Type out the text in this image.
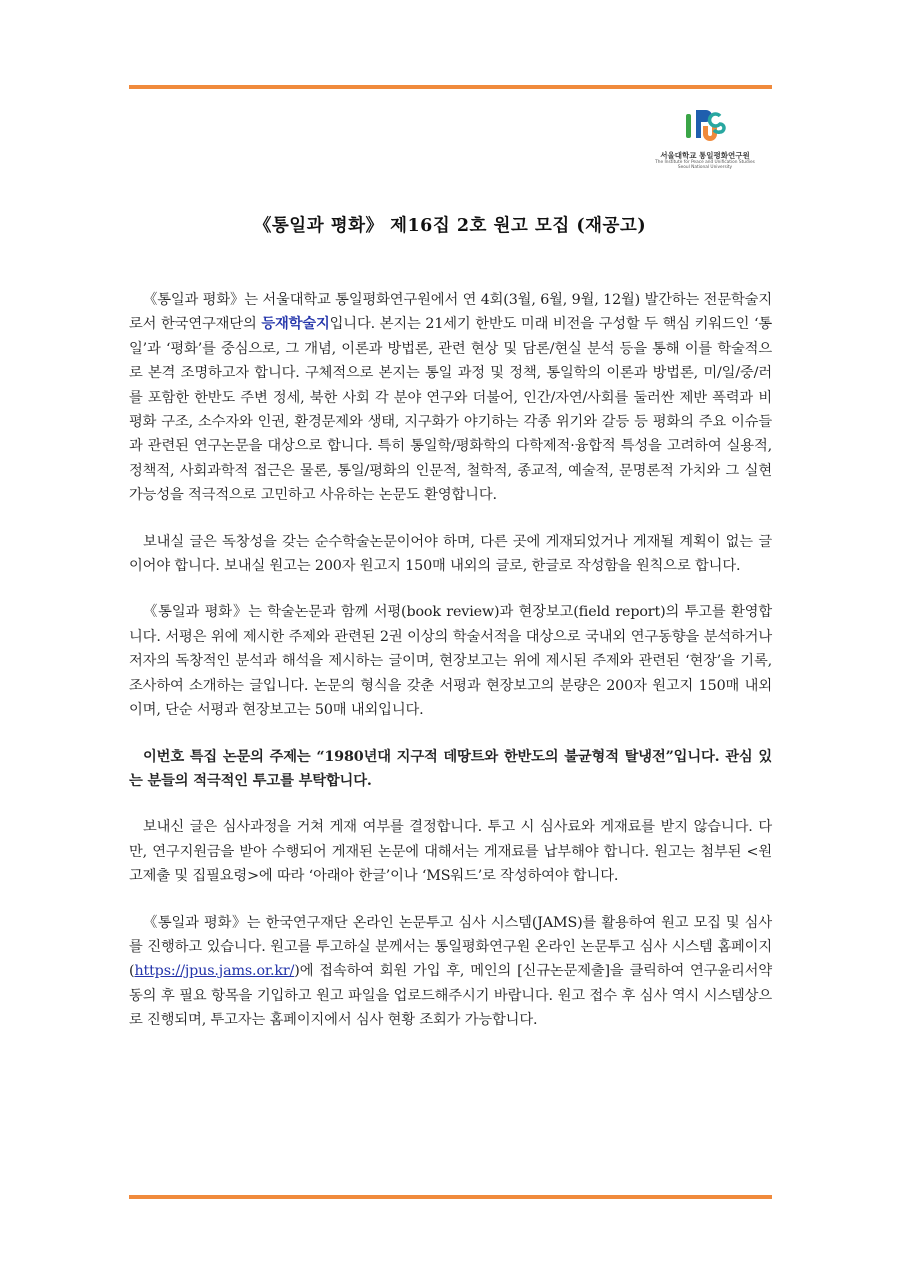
서울대학교 통일평화연구원
The Institute for Peace and Unification Studies
Seoul National University
《통일과 평화》 제16집 2호 원고 모집 (재공고)

《통일과 평화》는 서울대학교 통일평화연구원에서 연 4회(3월, 6월, 9월, 12월) 발간하는 전문학술지로서 한국연구재단의 등재학술지입니다. 본지는 21세기 한반도 미래 비전을 구성할 두 핵심 키워드인 ‘통일’과 ‘평화’를 중심으로, 그 개념, 이론과 방법론, 관련 현상 및 담론/현실 분석 등을 통해 이를 학술적으로 본격 조명하고자 합니다. 구체적으로 본지는 통일 과정 및 정책, 통일학의 이론과 방법론, 미/일/중/러를 포함한 한반도 주변 정세, 북한 사회 각 분야 연구와 더불어, 인간/자연/사회를 둘러싼 제반 폭력과 비평화 구조, 소수자와 인권, 환경문제와 생태, 지구화가 야기하는 각종 위기와 갈등 등 평화의 주요 이슈들과 관련된 연구논문을 대상으로 합니다. 특히 통일학/평화학의 다학제적·융합적 특성을 고려하여 실용적, 정책적, 사회과학적 접근은 물론, 통일/평화의 인문적, 철학적, 종교적, 예술적, 문명론적 가치와 그 실현 가능성을 적극적으로 고민하고 사유하는 논문도 환영합니다.

보내실 글은 독창성을 갖는 순수학술논문이어야 하며, 다른 곳에 게재되었거나 게재될 계획이 없는 글이어야 합니다. 보내실 원고는 200자 원고지 150매 내외의 글로, 한글로 작성함을 원칙으로 합니다.

《통일과 평화》는 학술논문과 함께 서평(book review)과 현장보고(field report)의 투고를 환영합니다. 서평은 위에 제시한 주제와 관련된 2권 이상의 학술서적을 대상으로 국내외 연구동향을 분석하거나 저자의 독창적인 분석과 해석을 제시하는 글이며, 현장보고는 위에 제시된 주제와 관련된 ‘현장’을 기록, 조사하여 소개하는 글입니다. 논문의 형식을 갖춘 서평과 현장보고의 분량은 200자 원고지 150매 내외이며, 단순 서평과 현장보고는 50매 내외입니다.

이번호 특집 논문의 주제는 “1980년대 지구적 데땅트와 한반도의 불균형적 탈냉전”입니다. 관심 있는 분들의 적극적인 투고를 부탁합니다.

보내신 글은 심사과정을 거쳐 게재 여부를 결정합니다. 투고 시 심사료와 게재료를 받지 않습니다. 다만, 연구지원금을 받아 수행되어 게재된 논문에 대해서는 게재료를 납부해야 합니다. 원고는 첨부된 <원고제출 및 집필요령>에 따라 ‘아래아 한글’이나 ‘MS워드’로 작성하여야 합니다.

《통일과 평화》는 한국연구재단 온라인 논문투고 심사 시스템(JAMS)를 활용하여 원고 모집 및 심사를 진행하고 있습니다. 원고를 투고하실 분께서는 통일평화연구원 온라인 논문투고 심사 시스템 홈페이지(https://jpus.jams.or.kr/)에 접속하여 회원 가입 후, 메인의 [신규논문제출]을 클릭하여 연구윤리서약 동의 후 필요 항목을 기입하고 원고 파일을 업로드해주시기 바랍니다. 원고 접수 후 심사 역시 시스템상으로 진행되며, 투고자는 홈페이지에서 심사 현황 조회가 가능합니다.
